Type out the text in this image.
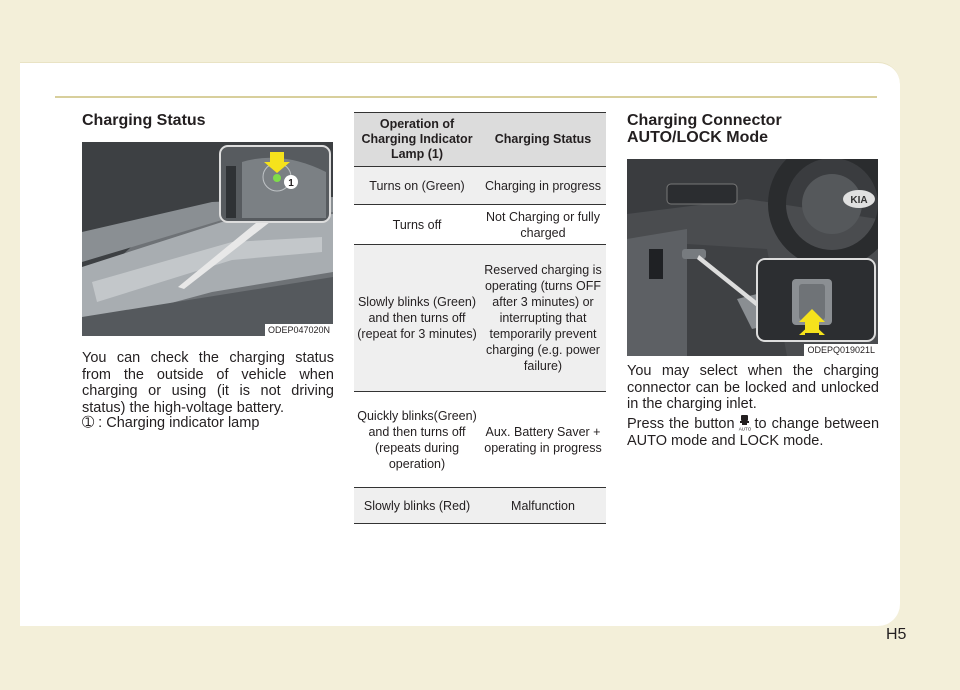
Charging Status
1
ODEP047020N

You can check the charging status from the outside of vehicle when charging or using (it is not driving status) the high-voltage battery.

➀ : Charging indicator lamp

Operation of Charging Indicator Lamp (1)	Charging Status
Turns on (Green)	Charging in progress
Turns off	Not Charging or fully charged
Slowly blinks (Green) and then turns off (repeat for 3 minutes)	Reserved charging is operating (turns OFF after 3 minutes) or interrupting that temporarily prevent charging (e.g. power failure)
Quickly blinks(Green) and then turns off (repeats during operation)	Aux. Battery Saver + operating in progress
Slowly blinks (Red)	Malfunction
Charging Connector
AUTO/LOCK Mode
KIA
ODEPQ019021L

You may select when the charging connector can be locked and unlocked in the charging inlet.

Press the button AUTO to change between AUTO mode and LOCK mode.

H5
